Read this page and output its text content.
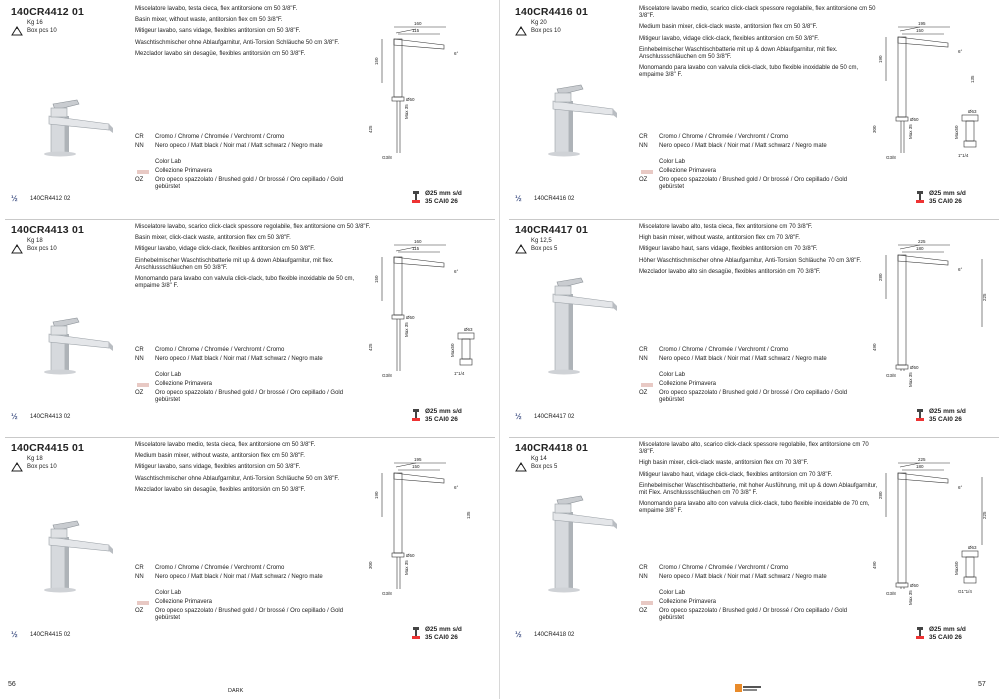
140CR4412 01
Kg 16
Box pcs 10
½ 140CR4412 02

Miscelatore lavabo, testa cieca, flex antitorsione cm 50 3/8"F.

Basin mixer, without waste, antitorsion flex cm 50 3/8"F.

Mitigeur lavabo, sans vidage, flexibles antitorsion cm 50 3/8"F.

Waschtischmischer ohne Ablaufgarnitur, Anti-Torsion Schläuche 50 cm 3/8"F.

Mezclador lavabo sin desagüe, flexibles antitorsión cm 50 3/8"F.

CR	Cromo / Chrome / Chromée / Verchromt / Cromo
NN	Nero opeco / Matt black / Noir mat / Matt schwarz / Negro mate
Color Lab
Collezione Primavera
OZ	Oro opeco spazzolato / Brushed gold / Or brossé / Oro cepillado / Gold gebürstet
160
115
150
6°
Ø50
Max 35
425
G3/8
Ø25 mm s/d
35 CAI0 26
140CR4413 01
Kg 18
Box pcs 10
½ 140CR4413 02

Miscelatore lavabo, scarico click-clack spessore regolabile, flex antitorsione cm 50 3/8"F.

Basin mixer, click-clack waste, antitorsion flex cm 50 3/8"F.

Mitigeur lavabo, vidage click-clack, flexibles antitorsion cm 50 3/8"F.

Einhebelmischer Waschtischbatterie mit up & down Ablaufgarnitur, mit flex. Anschlussschläuchen cm 50 3/8"F.

Monomando para lavabo con valvula click-clack, tubo flexible inoxidable de 50 cm, empaime 3/8" F.

CR	Cromo / Chrome / Chromée / Verchromt / Cromo
NN	Nero opeco / Matt black / Noir mat / Matt schwarz / Negro mate
Color Lab
Collezione Primavera
OZ	Oro opeco spazzolato / Brushed gold / Or brossé / Oro cepillado / Gold gebürstet
160
115
150
6°
Ø50
Max 35
425
G3/8
Ø63
1"1/4
Max50
Ø25 mm s/d
35 CAI0 26
140CR4415 01
Kg 18
Box pcs 10
½ 140CR4415 02

Miscelatore lavabo medio, testa cieca, flex antitorsione cm 50 3/8"F.

Medium basin mixer, without waste, antitorsion flex cm 50 3/8"F.

Mitigeur lavabo, sans vidage, flexibles antitorsion cm 50 3/8"F.

Waschtischmischer ohne Ablaufgarnitur, Anti-Torsion Schläuche 50 cm 3/8"F.

Mezclador lavabo sin desagüe, flexibles antitorsión cm 50 3/8"F.

CR	Cromo / Chrome / Chromée / Verchromt / Cromo
NN	Nero opeco / Matt black / Noir mat / Matt schwarz / Negro mate
Color Lab
Collezione Primavera
OZ	Oro opeco spazzolato / Brushed gold / Or brossé / Oro cepillado / Gold gebürstet
195
150
190
6°
Ø50
Max 35
300
G3/8
135
Ø25 mm s/d
35 CAI0 26
140CR4416 01
Kg 20
Box pcs 10
½ 140CR4416 02

Miscelatore lavabo medio, scarico click-clack spessore regolabile, flex antitorsione cm 50 3/8"F.

Medium basin mixer, click-clack waste, antitorsion flex cm 50 3/8"F.

Mitigeur lavabo, vidage click-clack, flexibles antitorsion cm 50 3/8"F.

Einhebelmischer Waschtischbatterie mit up & down Ablaufgarnitur, mit flex. Anschlussschläuchen cm 50 3/8"F.

Monomando para lavabo con valvula click-clack, tubo flexible inoxidable de 50 cm, empaime 3/8" F.

CR	Cromo / Chrome / Chromée / Verchromt / Cromo
NN	Nero opeco / Matt black / Noir mat / Matt schwarz / Negro mate
Color Lab
Collezione Primavera
OZ	Oro opeco spazzolato / Brushed gold / Or brossé / Oro cepillado / Gold gebürstet
195
150
190
6°
Ø50
Max 35
300
G3/8
Ø63
1"1/4
Max50
135
Ø25 mm s/d
35 CAI0 26
140CR4417 01
Kg 12,5
Box pcs 5
½ 140CR4417 02

Miscelatore lavabo alto, testa cieca, flex antitorsione cm 70 3/8"F.

High basin mixer, without waste, antitorsion flex cm 70 3/8"F.

Mitigeur lavabo haut, sans vidage, flexibles antitorsion cm 70 3/8"F.

Höher Waschtischmischer ohne Ablaufgarnitur, Anti-Torsion Schläuche 70 cm 3/8"F.

Mezclador lavabo alto sin desagüe, flexibles antitorsión cm 70 3/8"F.

CR	Cromo / Chrome / Chromée / Verchromt / Cromo
NN	Nero opeco / Matt black / Noir mat / Matt schwarz / Negro mate
Color Lab
Collezione Primavera
OZ	Oro opeco spazzolato / Brushed gold / Or brossé / Oro cepillado / Gold gebürstet
225
180
280
6°
Ø50
Max 35
490
G3/8
225
Ø25 mm s/d
35 CAI0 26
140CR4418 01
Kg 14
Box pcs 5
½ 140CR4418 02

Miscelatore lavabo alto, scarico click-clack spessore regolabile, flex antitorsione cm 70 3/8"F.

High basin mixer, click-clack waste, antitorsion flex cm 70 3/8"F.

Mitigeur lavabo haut, vidage click-clack, flexibles antitorsion cm 70 3/8"F.

Einhebelmischer Waschtischbatterie, mit hoher Ausführung, mit up & down Ablaufgarnitur, mit Flex. Anschlussschläuchen cm 70 3/8" F.

Monomando para lavabo alto con valvula click-clack, tubo flexible inoxidable de 70 cm, empaime 3/8" F.

CR	Cromo / Chrome / Chromée / Verchromt / Cromo
NN	Nero opeco / Matt black / Noir mat / Matt schwarz / Negro mate
Color Lab
Collezione Primavera
OZ	Oro opeco spazzolato / Brushed gold / Or brossé / Oro cepillado / Gold gebürstet
225
180
280
6°
Ø50
Max 35
490
G3/8
Ø63
G1"1/4
Max50
225
Ø25 mm s/d
35 CAI0 26
56
DARK
57
